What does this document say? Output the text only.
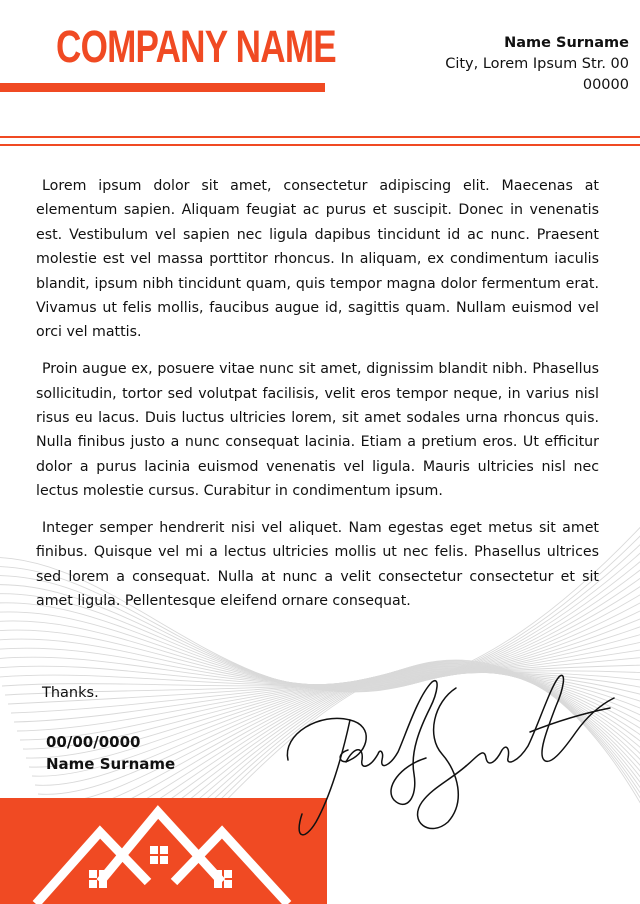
COMPANY NAME	Name Surname
City, Lorem Ipsum Str. 00
00000

Lorem ipsum dolor sit amet, consectetur adipiscing elit. Maecenas at elementum sapien. Aliquam feugiat ac purus et suscipit. Donec in venenatis est. Vestibulum vel sapien nec ligula dapibus tincidunt id ac nunc. Praesent molestie est vel massa porttitor rhoncus. In aliquam, ex condimentum iaculis blandit, ipsum nibh tincidunt quam, quis tempor magna dolor fermentum erat. Vivamus ut felis mollis, faucibus augue id, sagittis quam. Nullam euismod vel orci vel mattis.

Proin augue ex, posuere vitae nunc sit amet, dignissim blandit nibh. Phasellus sollicitudin, tortor sed volutpat facilisis, velit eros tempor neque, in varius nisl risus eu lacus. Duis luctus ultricies lorem, sit amet sodales urna rhoncus quis. Nulla finibus justo a nunc consequat lacinia. Etiam a pretium eros. Ut efficitur dolor a purus lacinia euismod venenatis vel ligula. Mauris ultricies nisl nec lectus molestie cursus. Curabitur in condimentum ipsum.

Integer semper hendrerit nisi vel aliquet. Nam egestas eget metus sit amet finibus. Quisque vel mi a lectus ultricies mollis ut nec felis. Phasellus ultrices sed lorem a consequat. Nulla at nunc a velit consectetur consectetur et sit amet ligula. Pellentesque eleifend ornare consequat.

Thanks.
00/00/0000
Name Surname
